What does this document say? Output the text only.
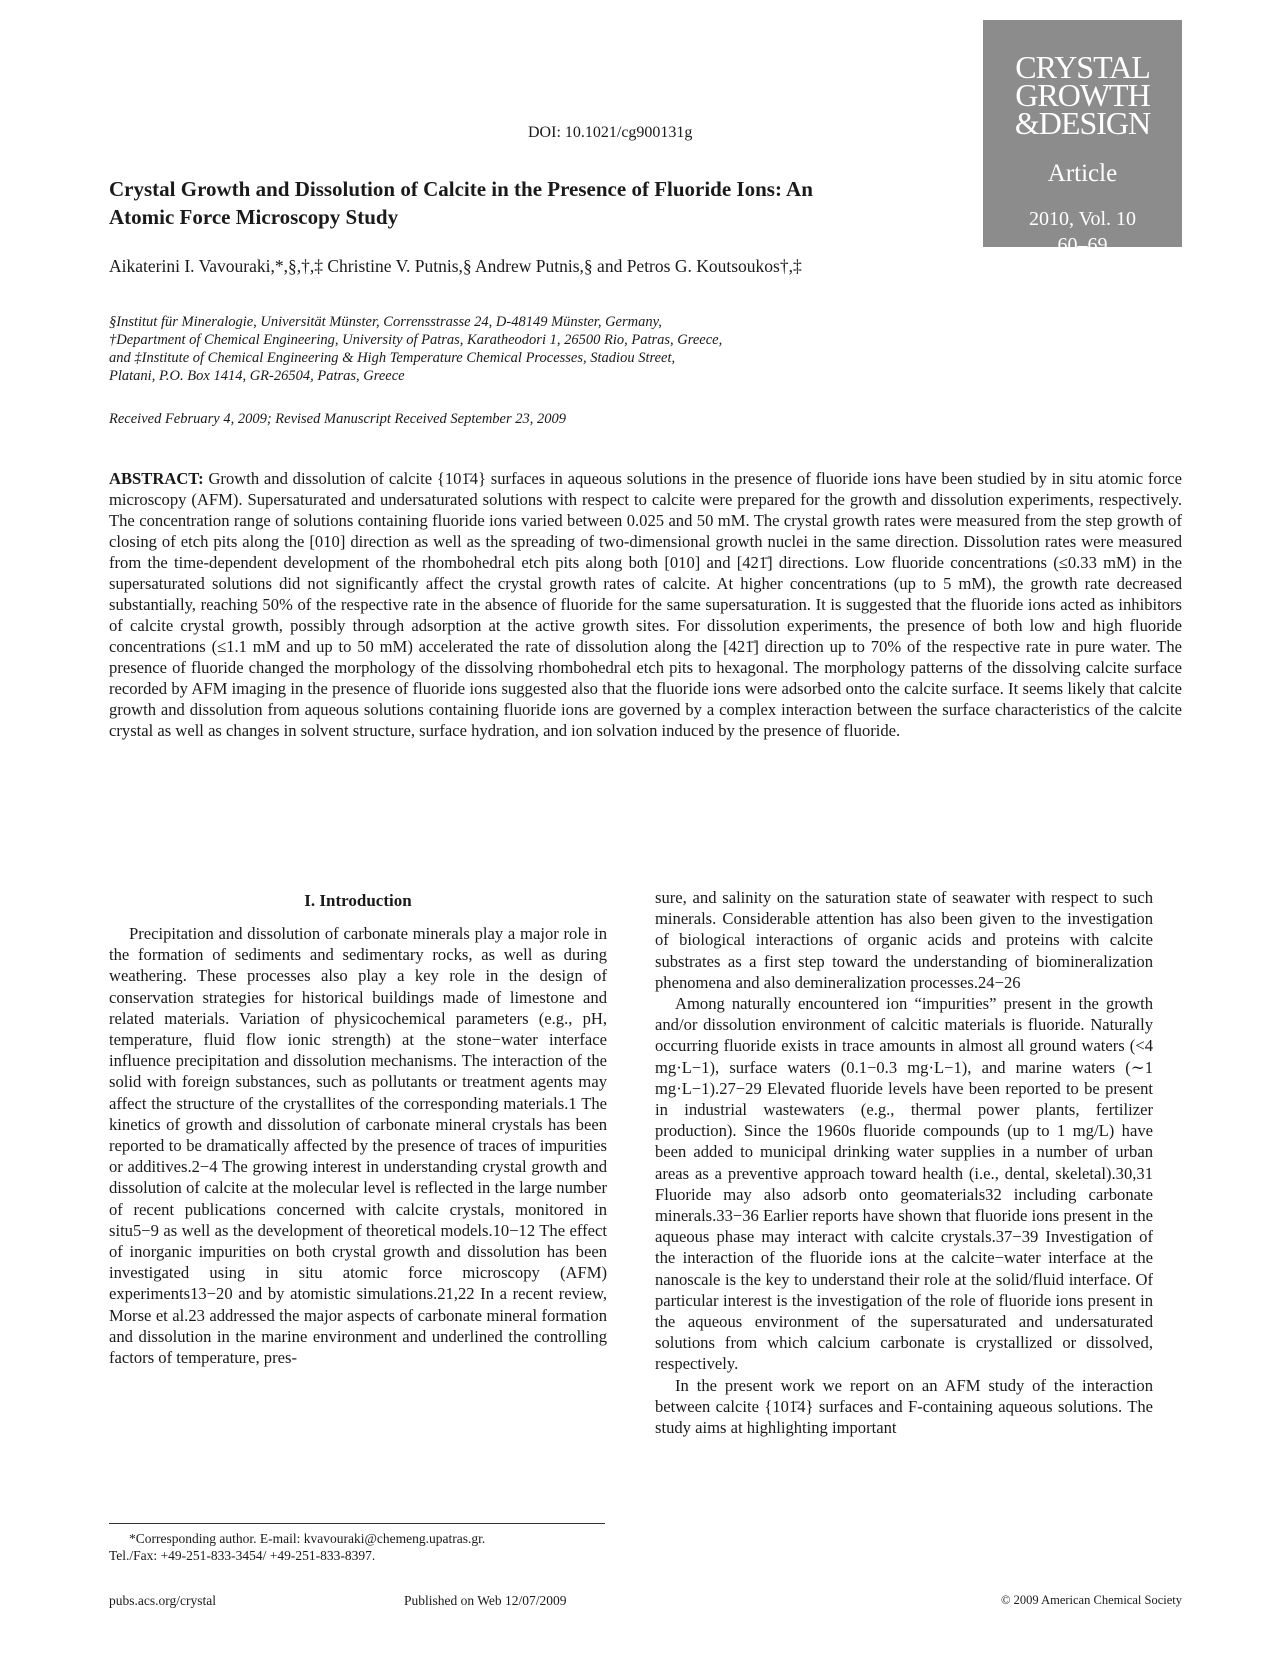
CRYSTAL
GROWTH
&DESIGN
Article
2010, Vol. 10
60–69
DOI: 10.1021/cg900131g
Crystal Growth and Dissolution of Calcite in the Presence of Fluoride Ions: An Atomic Force Microscopy Study
Aikaterini I. Vavouraki,*,§,†,‡ Christine V. Putnis,§ Andrew Putnis,§ and Petros G. Koutsoukos†,‡
§Institut für Mineralogie, Universität Münster, Corrensstrasse 24, D-48149 Münster, Germany,
†Department of Chemical Engineering, University of Patras, Karatheodori 1, 26500 Rio, Patras, Greece,
and ‡Institute of Chemical Engineering & High Temperature Chemical Processes, Stadiou Street,
Platani, P.O. Box 1414, GR-26504, Patras, Greece
Received February 4, 2009; Revised Manuscript Received September 23, 2009

ABSTRACT: Growth and dissolution of calcite {101̄4} surfaces in aqueous solutions in the presence of fluoride ions have been studied by in situ atomic force microscopy (AFM). Supersaturated and undersaturated solutions with respect to calcite were prepared for the growth and dissolution experiments, respectively. The concentration range of solutions containing fluoride ions varied between 0.025 and 50 mM. The crystal growth rates were measured from the step growth of closing of etch pits along the [010] direction as well as the spreading of two-dimensional growth nuclei in the same direction. Dissolution rates were measured from the time-dependent development of the rhombohedral etch pits along both [010] and [421̄] directions. Low fluoride concentrations (≤0.33 mM) in the supersaturated solutions did not significantly affect the crystal growth rates of calcite. At higher concentrations (up to 5 mM), the growth rate decreased substantially, reaching 50% of the respective rate in the absence of fluoride for the same supersaturation. It is suggested that the fluoride ions acted as inhibitors of calcite crystal growth, possibly through adsorption at the active growth sites. For dissolution experiments, the presence of both low and high fluoride concentrations (≤1.1 mM and up to 50 mM) accelerated the rate of dissolution along the [421̄] direction up to 70% of the respective rate in pure water. The presence of fluoride changed the morphology of the dissolving rhombohedral etch pits to hexagonal. The morphology patterns of the dissolving calcite surface recorded by AFM imaging in the presence of fluoride ions suggested also that the fluoride ions were adsorbed onto the calcite surface. It seems likely that calcite growth and dissolution from aqueous solutions containing fluoride ions are governed by a complex interaction between the surface characteristics of the calcite crystal as well as changes in solvent structure, surface hydration, and ion solvation induced by the presence of fluoride.

I. Introduction

Precipitation and dissolution of carbonate minerals play a major role in the formation of sediments and sedimentary rocks, as well as during weathering. These processes also play a key role in the design of conservation strategies for historical buildings made of limestone and related materials. Variation of physicochemical parameters (e.g., pH, temperature, fluid flow ionic strength) at the stone−water interface influence precipitation and dissolution mechanisms. The interaction of the solid with foreign substances, such as pollutants or treatment agents may affect the structure of the crystallites of the corresponding materials.1 The kinetics of growth and dissolution of carbonate mineral crystals has been reported to be dramatically affected by the presence of traces of impurities or additives.2−4 The growing interest in understanding crystal growth and dissolution of calcite at the molecular level is reflected in the large number of recent publications concerned with calcite crystals, monitored in situ5−9 as well as the development of theoretical models.10−12 The effect of inorganic impurities on both crystal growth and dissolution has been investigated using in situ atomic force microscopy (AFM) experiments13−20 and by atomistic simulations.21,22 In a recent review, Morse et al.23 addressed the major aspects of carbonate mineral formation and dissolution in the marine environment and underlined the controlling factors of temperature, pres-

sure, and salinity on the saturation state of seawater with respect to such minerals. Considerable attention has also been given to the investigation of biological interactions of organic acids and proteins with calcite substrates as a first step toward the understanding of biomineralization phenomena and also demineralization processes.24−26

Among naturally encountered ion “impurities” present in the growth and/or dissolution environment of calcitic materials is fluoride. Naturally occurring fluoride exists in trace amounts in almost all ground waters (<4 mg·L−1), surface waters (0.1−0.3 mg·L−1), and marine waters (∼1 mg·L−1).27−29 Elevated fluoride levels have been reported to be present in industrial wastewaters (e.g., thermal power plants, fertilizer production). Since the 1960s fluoride compounds (up to 1 mg/L) have been added to municipal drinking water supplies in a number of urban areas as a preventive approach toward health (i.e., dental, skeletal).30,31 Fluoride may also adsorb onto geomaterials32 including carbonate minerals.33−36 Earlier reports have shown that fluoride ions present in the aqueous phase may interact with calcite crystals.37−39 Investigation of the interaction of the fluoride ions at the calcite−water interface at the nanoscale is the key to understand their role at the solid/fluid interface. Of particular interest is the investigation of the role of fluoride ions present in the aqueous environment of the supersaturated and undersaturated solutions from which calcium carbonate is crystallized or dissolved, respectively.

In the present work we report on an AFM study of the interaction between calcite {101̄4} surfaces and F-containing aqueous solutions. The study aims at highlighting important

*Corresponding author. E-mail: kvavouraki@chemeng.upatras.gr.
Tel./Fax: +49-251-833-3454/ +49-251-833-8397.
pubs.acs.org/crystal	Published on Web 12/07/2009	© 2009 American Chemical Society
